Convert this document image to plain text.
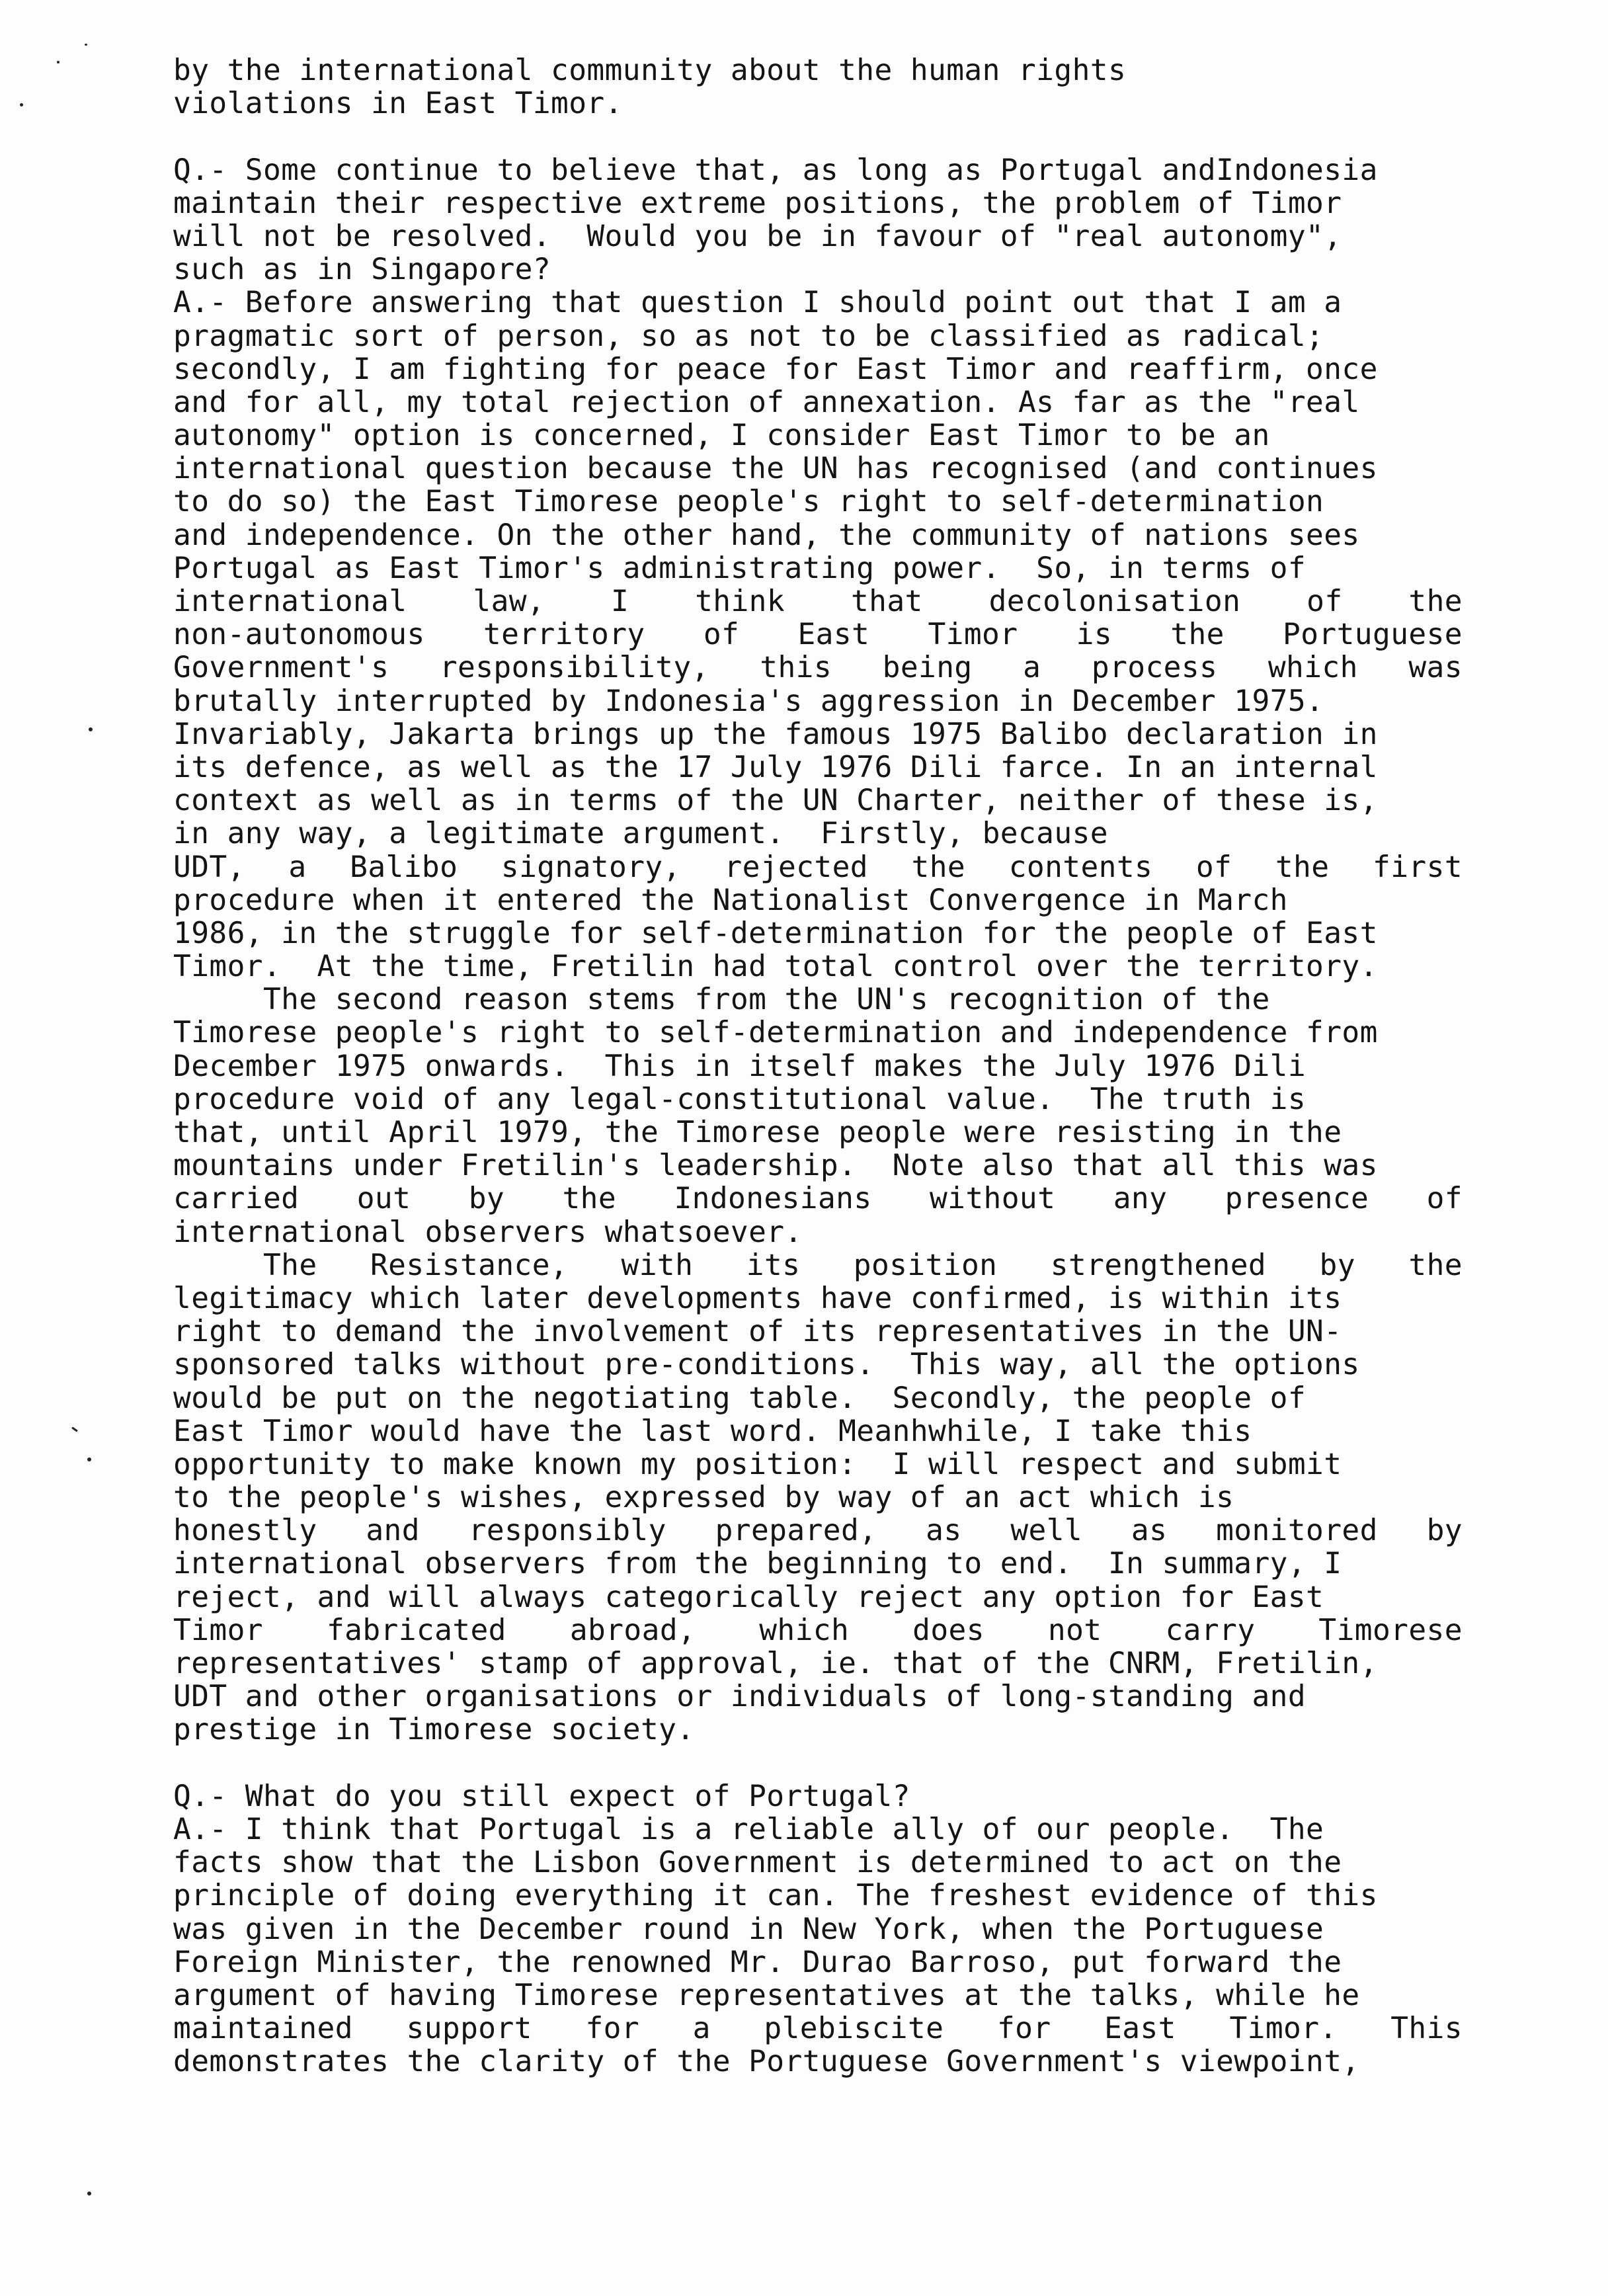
by the international community about the human rights
violations in East Timor.
Q.- Some continue to believe that, as long as Portugal andIndonesia
maintain their respective extreme positions, the problem of Timor
will not be resolved.  Would you be in favour of "real autonomy",
such as in Singapore?
A.- Before answering that question I should point out that I am a
pragmatic sort of person, so as not to be classified as radical;
secondly, I am fighting for peace for East Timor and reaffirm, once
and for all, my total rejection of annexation. As far as the "real
autonomy" option is concerned, I consider East Timor to be an
international question because the UN has recognised (and continues
to do so) the East Timorese people's right to self-determination
and independence. On the other hand, the community of nations sees
Portugal as East Timor's administrating power.  So, in terms of
international law, I think that decolonisation of the
non-autonomous territory of East Timor is the Portuguese
Government's responsibility, this being a process which was
brutally interrupted by Indonesia's aggression in December 1975.
Invariably, Jakarta brings up the famous 1975 Balibo declaration in
its defence, as well as the 17 July 1976 Dili farce. In an internal
context as well as in terms of the UN Charter, neither of these is,
in any way, a legitimate argument.  Firstly, because
UDT, a Balibo signatory, rejected the contents of the first
procedure when it entered the Nationalist Convergence in March
1986, in the struggle for self-determination for the people of East
Timor.  At the time, Fretilin had total control over the territory.
The second reason stems from the UN's recognition of the
Timorese people's right to self-determination and independence from
December 1975 onwards.  This in itself makes the July 1976 Dili
procedure void of any legal-constitutional value.  The truth is
that, until April 1979, the Timorese people were resisting in the
mountains under Fretilin's leadership.  Note also that all this was
carried out by the Indonesians without any presence of
international observers whatsoever.
The Resistance, with its position strengthened by the
legitimacy which later developments have confirmed, is within its
right to demand the involvement of its representatives in the UN-
sponsored talks without pre-conditions.  This way, all the options
would be put on the negotiating table.  Secondly, the people of
East Timor would have the last word. Meanhwhile, I take this
opportunity to make known my position:  I will respect and submit
to the people's wishes, expressed by way of an act which is
honestly and responsibly prepared, as well as monitored by
international observers from the beginning to end.  In summary, I
reject, and will always categorically reject any option for East
Timor fabricated abroad, which does not carry Timorese
representatives' stamp of approval, ie. that of the CNRM, Fretilin,
UDT and other organisations or individuals of long-standing and
prestige in Timorese society.
Q.- What do you still expect of Portugal?
A.- I think that Portugal is a reliable ally of our people.  The
facts show that the Lisbon Government is determined to act on the
principle of doing everything it can. The freshest evidence of this
was given in the December round in New York, when the Portuguese
Foreign Minister, the renowned Mr. Durao Barroso, put forward the
argument of having Timorese representatives at the talks, while he
maintained support for a plebiscite for East Timor. This
demonstrates the clarity of the Portuguese Government's viewpoint,
